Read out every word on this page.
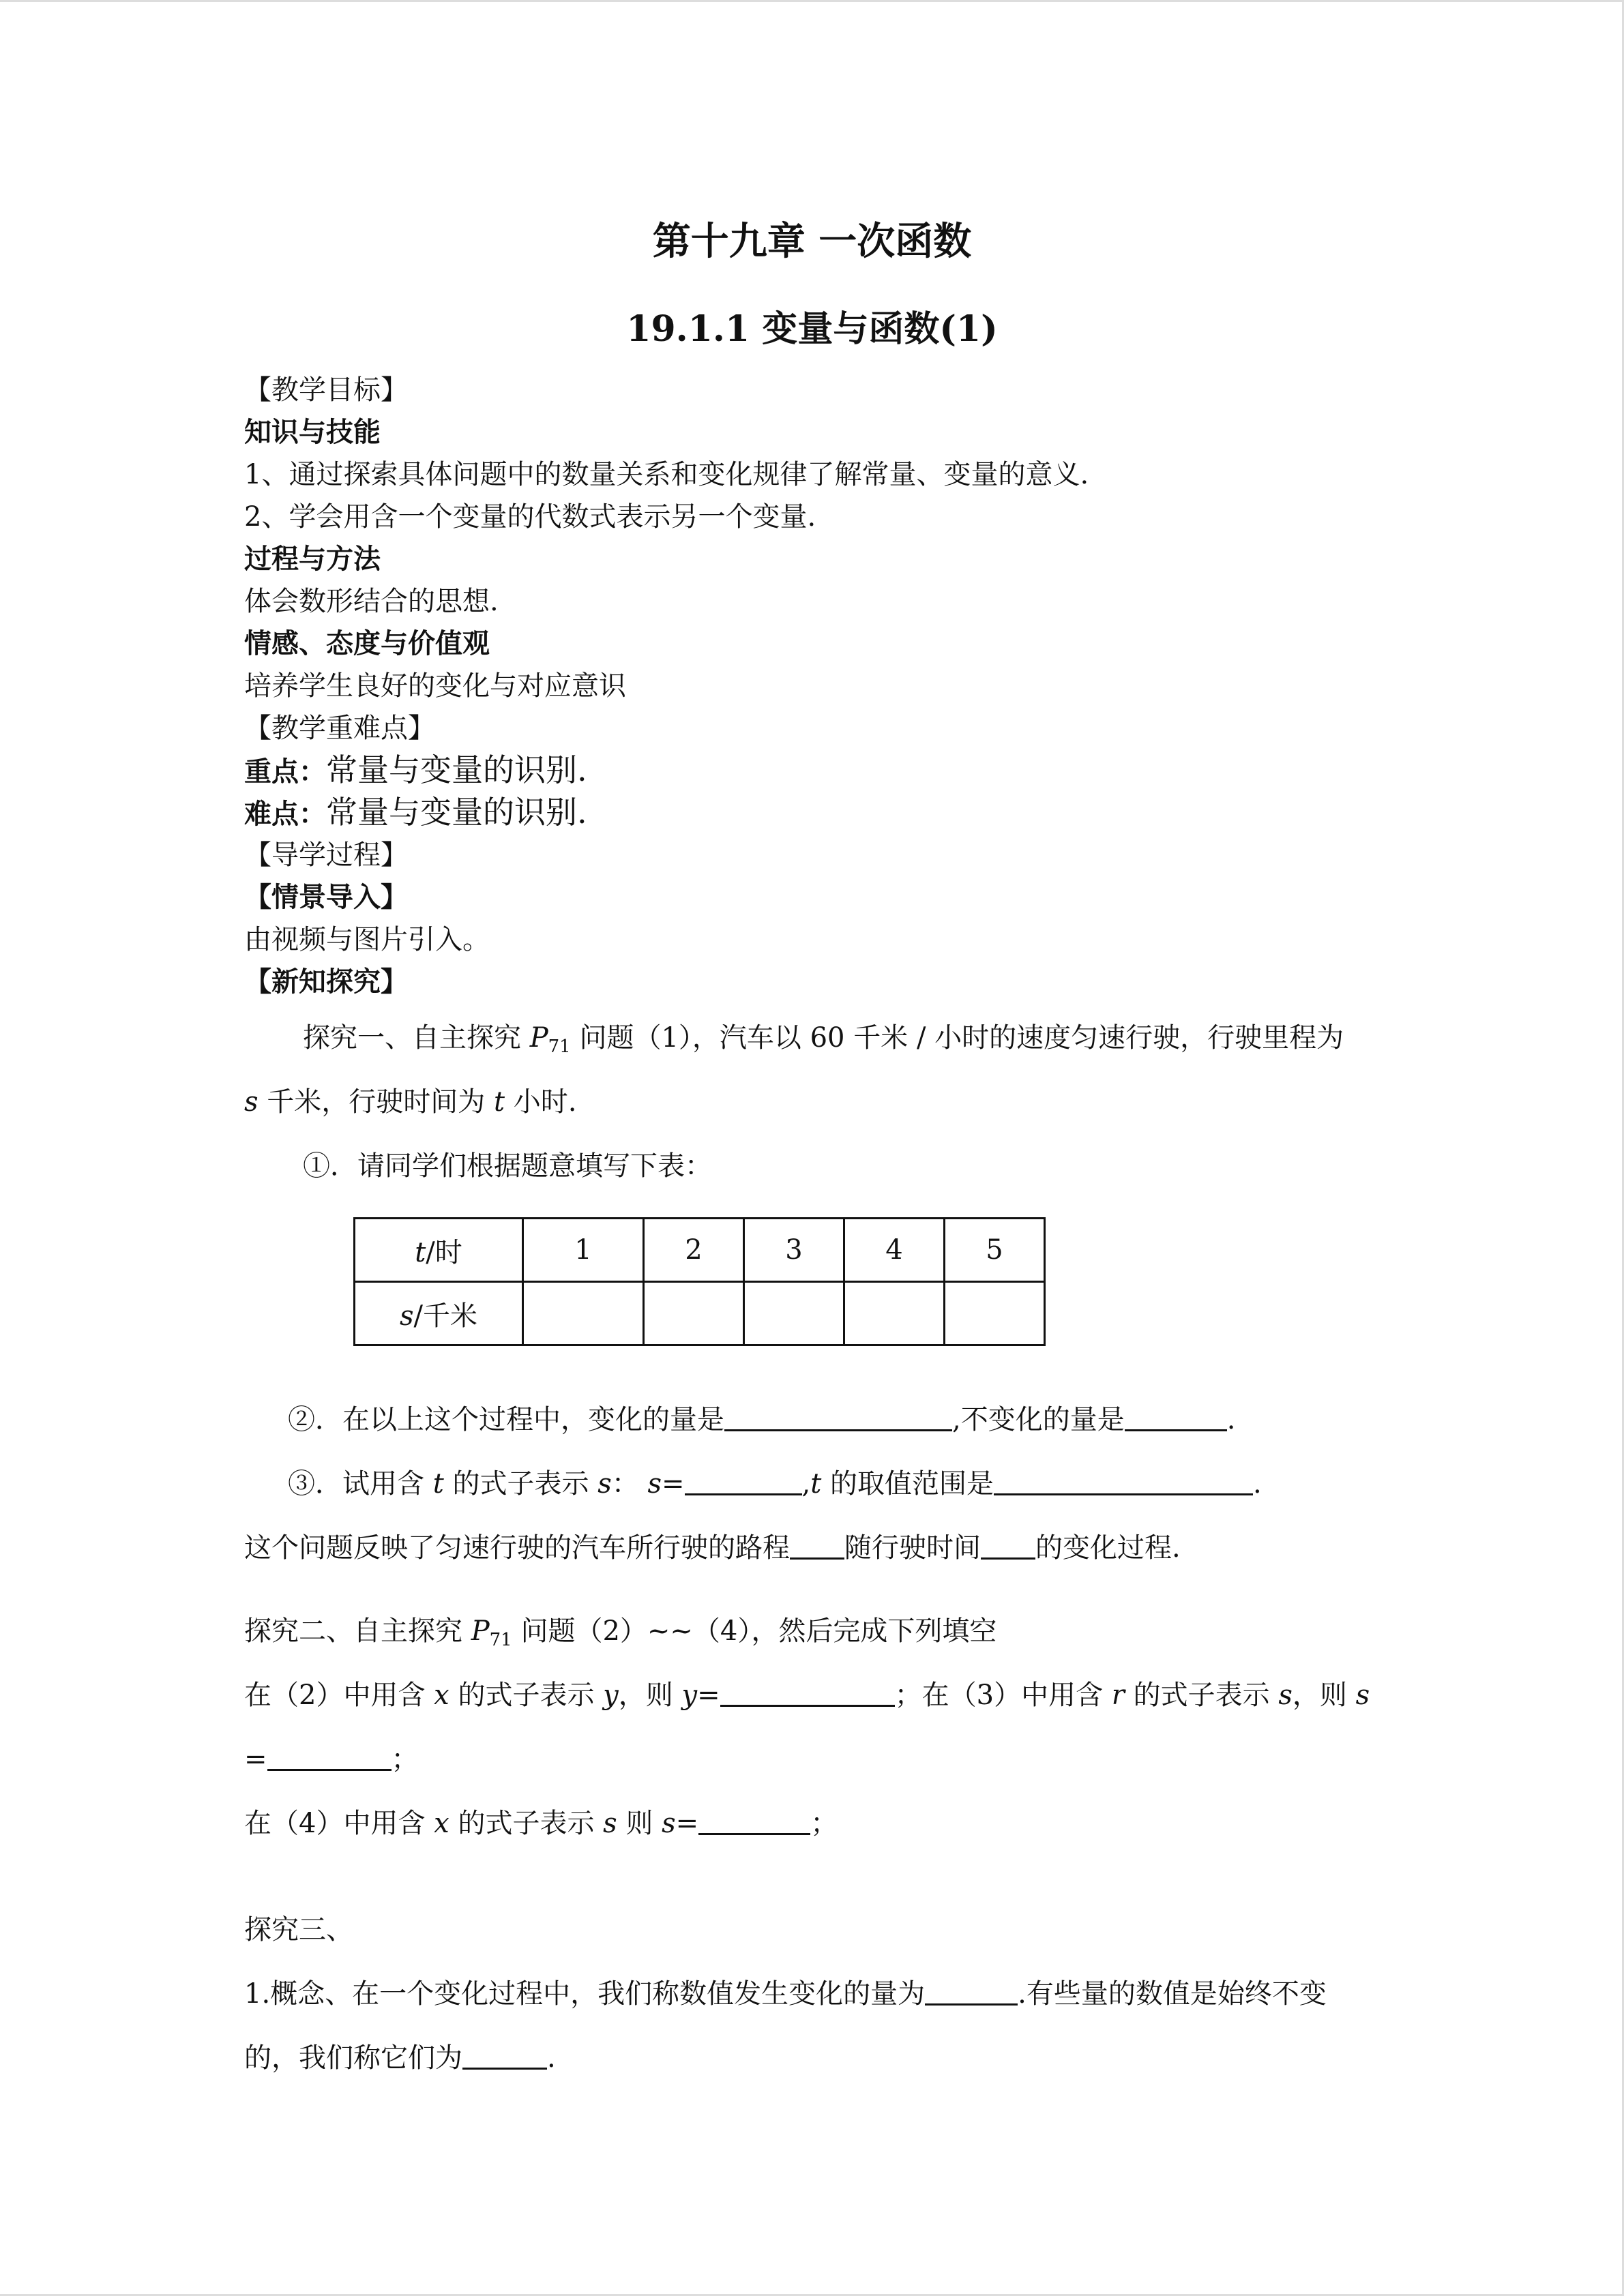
第十九章 一次函数
19.1.1 变量与函数(1)
【教学目标】
知识与技能
1、通过探索具体问题中的数量关系和变化规律了解常量、变量的意义.
2、学会用含一个变量的代数式表示另一个变量.
过程与方法
体会数形结合的思想.
情感、态度与价值观
培养学生良好的变化与对应意识
【教学重难点】
重点：常量与变量的识别.
难点：常量与变量的识别.
【导学过程】
【情景导入】
由视频与图片引入。
【新知探究】
探究一、自主探究 $P_{71}$ 问题（1），汽车以 60 千米 / 小时的速度匀速行驶，行驶里程为
s 千米，行驶时间为 t 小时.
①．请同学们根据题意填写下表：
t/时	1	2	3	4	5
s/千米					
②．在以上这个过程中，变化的量是	,不变化的量是	.
③．试用含 t 的式子表示 s： s=	,t 的取值范围是	.
这个问题反映了匀速行驶的汽车所行驶的路程 随行驶时间 的变化过程.
探究二、自主探究 $P_{71}$ 问题（2）~~（4），然后完成下列填空
在（2）中用含 x 的式子表示 y，则 y=	；在（3）中用含 r 的式子表示 s，则 s
=	；
在（4）中用含 x 的式子表示 s 则 s=	；
探究三、
1.概念、在一个变化过程中，我们称数值发生变化的量为	.有些量的数值是始终不变
的，我们称它们为	.
